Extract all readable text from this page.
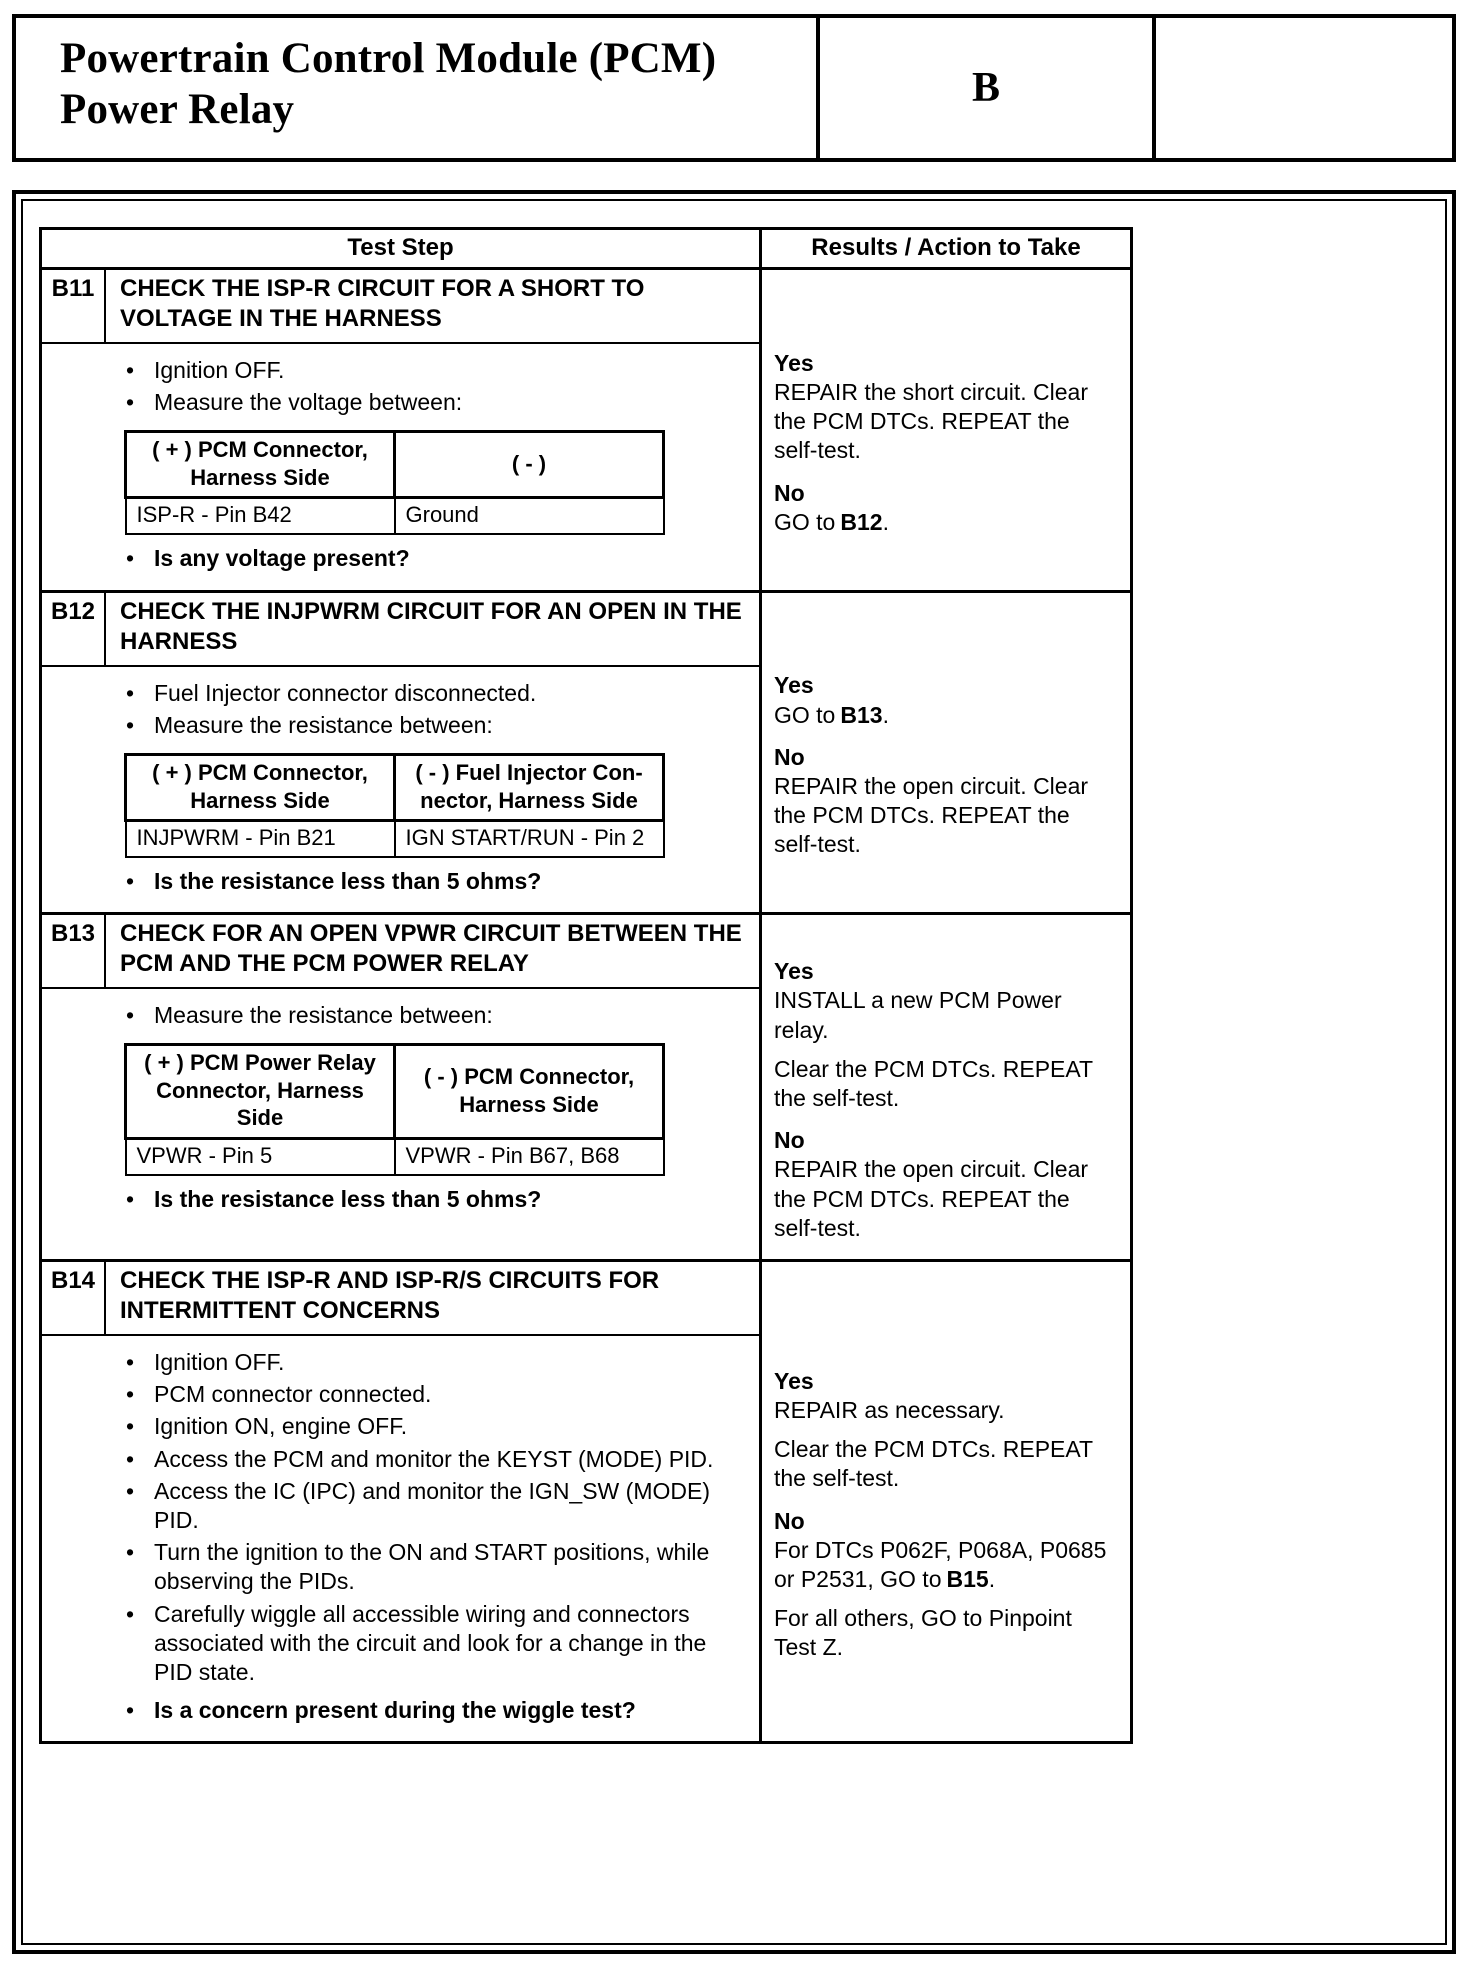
Powertrain Control Module (PCM)
Power Relay	B
Test Step	Results / Action to Take
B11	CHECK THE ISP-R CIRCUIT FOR A SHORT TO VOLTAGE IN THE HARNESS
• Ignition OFF.
• Measure the voltage between:
( + ) PCM Connector,
Harness Side	( - )
ISP-R - Pin B42	Ground
• Is any voltage present?
Yes
REPAIR the short circuit. Clear the PCM DTCs. REPEAT the self-test.
No
GO to B12.
B12	CHECK THE INJPWRM CIRCUIT FOR AN OPEN IN THE HARNESS
• Fuel Injector connector disconnected.
• Measure the resistance between:
( + ) PCM Connector,
Harness Side	( - ) Fuel Injector Con-
nector, Harness Side
INJPWRM - Pin B21	IGN START/RUN - Pin 2
• Is the resistance less than 5 ohms?
Yes
GO to B13.
No
REPAIR the open circuit. Clear the PCM DTCs. REPEAT the self-test.
B13	CHECK FOR AN OPEN VPWR CIRCUIT BETWEEN THE PCM AND THE PCM POWER RELAY
• Measure the resistance between:
( + ) PCM Power Relay
Connector, Harness
Side	( - ) PCM Connector,
Harness Side
VPWR - Pin 5	VPWR - Pin B67, B68
• Is the resistance less than 5 ohms?
Yes
INSTALL a new PCM Power relay.
Clear the PCM DTCs. REPEAT the self-test.
No
REPAIR the open circuit. Clear the PCM DTCs. REPEAT the self-test.
B14	CHECK THE ISP-R AND ISP-R/S CIRCUITS FOR INTERMITTENT CONCERNS
• Ignition OFF.
• PCM connector connected.
• Ignition ON, engine OFF.
• Access the PCM and monitor the KEYST (MODE) PID.
• Access the IC (IPC) and monitor the IGN_SW (MODE) PID.
• Turn the ignition to the ON and START positions, while observing the PIDs.
• Carefully wiggle all accessible wiring and connectors associated with the circuit and look for a change in the PID state.
• Is a concern present during the wiggle test?
Yes
REPAIR as necessary.
Clear the PCM DTCs. REPEAT the self-test.
No
For DTCs P062F, P068A, P0685 or P2531, GO to B15.
For all others, GO to Pinpoint Test Z.
